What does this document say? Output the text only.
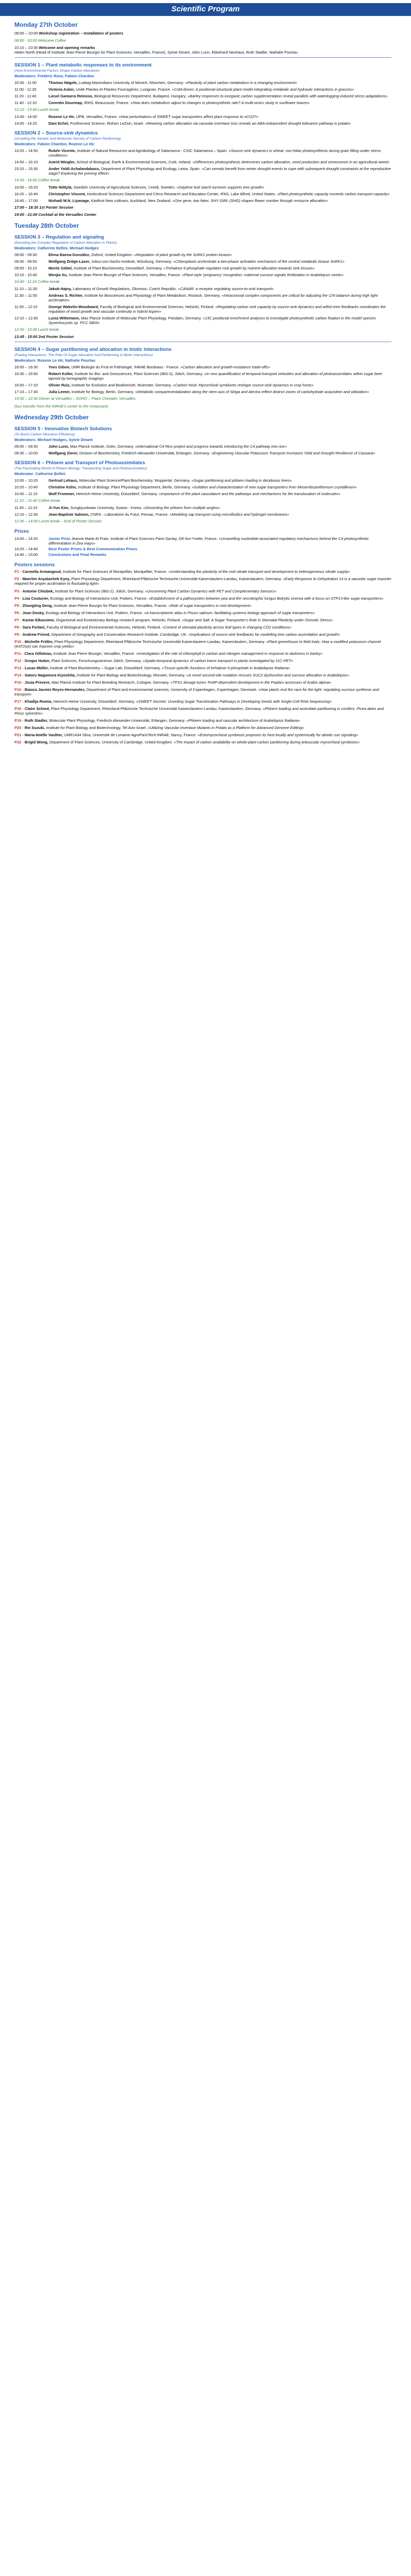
Scientific Program
Monday 27th October
08:00 – 10:00 Workshop registration – Installation of posters
08:00 - 10:00 Welcome Coffee
10:10 – 10:30 Welcome and opening remarks
Helen North (Head of Institute Jean-Pierre Bourgin for Plant Sciences, Versailles, France), Sylvie Dinant, John Lunn, Ekkehard Neuhaus, Ruth Stadler, Nathalie Pourtau
SESSION 1 – Plant metabolic responses to its environment
(How Environmental Factors Shape Carbon Allocation)
Moderators: Frédéric Rose, Fabien Chardon
10:30 - 11:00	Thomas Nägele, Ludwig-Maximilians University of Münich, München, Germany; «Plasticity of plant carbon metabolism in a changing environment»
11:00 - 11:20	Victoria Asker, Unité Plantes et Plantes Fourragères, Lusignan, France. «Cold-driven: A positional-structural plant model integrating metabolic and hydraulic interactions in grasses»
11:20 - 11:40	Liesel Gamarra Reinoso, Biological Resources Department, Budapest, Hungary; «Barley responses to inorganic carbon supplementation reveal parallels with waterlogging-induced stress adaptations»
11:40 - 12:10	Corentin Dourmap, IRHS, Beaucouze, France. «How does metabolism adjust to changes in photosynthetic rate? A multi-omics study in sunflower leaves»
12:10 - 13:40 Lunch break
13:40 - 14:00	Rozenn Le Hir, IJPB, Versailles, France. «How perturbations of SWEET sugar transporters affect plant response to eCO2?»
14:00 - 14:20	Dani Echel, Posthorvest Science, Rishon LeZion, Israel. «Rewiring carbon allocation via vacuolar invertase loss reveals an ABA-independent drought tolerance pathway in potato»
SESSION 2 – Source-sink dynamics
(Unveiling the Genetic and Molecular Secrets of Carbon Partitioning)
Moderators: Fabien Chardon, Rozenn Le Hir
14:20 – 14:50	Rubén Vicente, Institute of Natural Resources and Agrobiology of Salamanca - CSIC Salamanca – Spain. «Source-sink dynamics in wheat: non-foliar photosynthesis during grain filling under stress conditions»
14:50 – 15:10	Astrid Wingler, School of Biological, Earth & Environmental Sciences, Cork, Ireland. «Differences photosynthesis determines carbon allocation, seed production and senescence in an agricultural weed»
15:10 – 15:30	Ander Yoldi-Achalandabaso, Department of Plant Physiology and Ecology, Leioa, Spain. «Can cereals benefit from winter drought events to cope with subsequent drought constraints at the reproductive stage? Exploring the priming effect»
15:30 - 16:00 Coffee break
16:00 – 16:20	Totte Niittylä, Swedish University of Agricultural Sciences, Umeå, Sweden. «Daytime leaf starch turnover supports tree growth»
16:20 – 16:40	Christopher Vincent, Horticultural Sciences Department and Citrus Research and Education Center, IFAS, Lake Alfred, United States. «Plant photosynthetic capacity exceeds carbon transport capacity»
16:40 – 17:00	Nishadi M.N. Liyanage, Kiwifruit New cultivars, Auckland, New Zealand. «One gene, two fates: SHY GIRL (SHG) shapes flower number through resource allocation»
17:00 – 18:30 1st Poster Session
19:00 - 21:00 Cocktail at the Versailles Center
Tuesday 28th October
SESSION 3 – Regulation and signaling
(Decoding the Complex Regulation of Carbon Allocation in Plants)
Moderators: Catherine Bellini, Michael Hodges
09:00 - 09:30	Elena Baena-González, Oxford, United Kingdom. «Regulation of plant growth by the SnRK1 protein kinase»
09:30 - 09:50	Wolfgang Dröge-Laser, Julius-von-Sachs-Institute, Würzburg, Germany. «Chloroplasts orchestrate a two-phasic activation mechanism of the central metabolic kinase SnRK1»
09:50 - 10:10	Moritz Göbel, Institute of Plant Biochemistry, Düsseldorf, Germany. «Trehalose 6-phosphate regulates root growth by nutrient allocation towards sink tissues»
10:10 - 10:40	Wenjia Xu, Institute Jean Pierre Bourgin of Plant Sciences, Versailles, France. «Plant-style 'pregnancy' recognition: maternal sucrose signals fertilization in Arabidopsis seeds»
10:40 - 11:10 Coffee break
11:10 – 11:30	Jakub Hajny, Laboratory of Growth Regulations, Olomouc, Czech Republic. «CANAR: a receptor regulating source-to-sink transport»
11:30 – 11:50	Andreas S. Richter, Institute for Biosciences and Physiology of Plant Metabolism, Rostock, Germany. «Intracoronal complex components are critical for adjusting the C/N balance during high light acclimation»
11:50 – 12:10	George Wakelin-Woodward, Faculty of Biological and Environmental Sciences, Helsinki, Finland. «Regulating carbon sink capacity by source-sink dynamics and within-tree feedbacks coordinates the regulation of wood growth and vascular continuity in hybrid Aspen»
12:10 – 12:30	Luisa Wittemann, Max Planck Institute of Molecular Plant Physiology, Potsdam, Germany. «13C positional enrichment analyses to investigate photosynthetic carbon fixation in the model species Synechocystis sp. PCC 6803»
12:30 - 13:45 Lunch break
13:45 - 15:00 2nd Poster Session
SESSION 4 – Sugar partitioning and allocation in biotic interactions
(Fueling Interactions: The Role Of Sugar Allocation And Partitioning In Biotic Interactions)
Moderators: Rozenn Le Hir, Nathalie Pourtau
16:00 – 16:30	Yves Gibon, UMR Biologie du Fruit et Pathologie, INRAE Bordeaux - France. «Carbon allocation and growth-resistance trade-offs»
16:30 – 16:50	Robert Koller, Institute for Bio- and Geosciences, Plant Sciences (IBG-2), Jülich, Germany. «In vivo quantification of temporal transport velocities and allocation of photoassimilates within sugar beet taproot by tomographic imaging»
16:50 – 17:10	Olivier Ruiz, Institute for Evolution and Biodiversité, Muenster, Germany. «Carbon heist: Mycorrhizal symbionts reshape source-sink dynamics in crop hosts»
17:10 – 17:30	Julia Lemer, Institute for Biology, Berlin, Germany. «Metabolic compartmentalization along the stem axis of Striga and Alectra reflect distinct zones of carbohydrate acquisition and utilization»
19:30 – 22:30 Dinner at Versailles – SOHO – Place Chevalet, Versailles
(bus transfer from the INRAE's center to the restaurant)
Wednesday 29th October
SESSION 5 - Innovative Biotech Solutions
(To Boost Carbon Allocation Efficiency)
Moderators: Michael Hodges, Sylvie Dinant
09:00 – 09:30	John Lunn, Max Planck Institute, Golm, Germany. «International C4 Rice project and progress towards introducing the C4 pathway into rice»
09:30 – 10:00	Wolfgang Zierer, Division of Biochemistry, Friedrich-Alexander-Universität, Erlangen, Germany. «Engineering Vascular Potassium Transport Increases Yield and Drought Resilience of Cassava»
SESSION 6 – Phloem and Transport of Photoassimilates
(The Fascinating World of Phloem Biology: Transporting Sugar and Photoassimilates)
Moderator: Catherine Bellini
10:00 – 10:20	Gertrud Lohaus, Molecular Plant Science/Plant Biochemistry, Wuppertal, Germany. «Sugar partitioning and phloem loading in deciduous trees»
10:20 – 10:40	Christine Kühn, Institute of Biology: Plant Physiology Department, Berlin, Germany. «Isolation and characterization of new sugar transporters from Mesembryanthemum crystallinum»
10:40 – 11:10	Wolf Frommer, Heinrich-Heine University, Düsseldorf, Germany. «Importance of the plant vasculature and the pathways and mechanisms for the translocation of molecules»
11:10 – 11:40 Coffee break
11:40 – 12:10	Ji-Yun Kim, Sungkyunkwan University, Suwon - Korea. «Dissecting the phloem from multiple angles»
12:10 – 12:30	Jean-Baptiste Salmon, CNRS - Laboratoire du Futur, Pessac, France. «Modeling sap transport using microfluidics and hydrogel membranes»
12:30 – 14:00 Lunch break – End of Poster Session
Prizes
14:00 – 14:20	Junior Prize Jeanne Marie Al Frain, Institute of Plant Sciences Paris-Saclay, Gif-Sur-Yvette, France. «Unravelling nucleotide-associated regulatory mechanisms behind the C4 photosynthetic differentiation in Zea mays»
14:20 – 14:40	Best Poster Prizes & Best Communication Prizes
14:40 – 15:00	Conclusions and Final Remarks
Posters sessions
P1 - Carmella Armangeud, Institute for Plant Sciences of Montpellier, Montpellier, France. «Understanding the plasticity of the root nitrate transport and development to heterogeneous nitrate supply»
P2 - Maeriim Anyatashek Kyey, Plant Physiology Department, Rheinland-Pfälzische Technische Universität Kaiserslautern-Landau, Kaiserslautern, Germany. «Early-Response to Dehydration 14 is a vacuolar sugar importer required for proper acclimation to fluctuating light»
P3 - Antonie Chlubek, Institute for Plant Sciences (IBG-2), Jülich, Germany. «Uncovering Plant Carbon Dynamics with PET and Complementary Sensors»
P4 - Lisa Couturier, Ecology and Biology of Interactions Unit, Poitiers, France. «Establishment of a pathosystem between pea and the necrotrophic fungus Botrytis cinerea with a focus on STP13-like sugar transporters»
P5 - Zhongting Deng, Institute Jean-Pierre Bourgin for Plant Sciences, Versailles, France. «Role of sugar transporters in root development»
P6 - Joan Dosky, Ecology and Biology of Interactions Unit, Poitiers, France. «A transcriptomic atlas in Pisum sativum, facilitating systems biology approach of sugar transporters»
P7 - Kaviar Elkassime, Organismal and Evolutionary Biology research program, Helsinki, Finland. «Sugar and Salt: A Sugar Transporter's Role in Stomatal Plasticity under Osmotic Stress»
P8 - Sara Forlani, Faculty of Biological and Environmental Sciences, Helsinki, Finland. «Control of stomatal plasticity across leaf types in changing CO2 conditions»
P9 - Andrew Friend, Department of Geography and Conservation Research Institute, Cambridge, UK. «Implications of source-sink feedbacks for modelling tree carbon assimilation and growth»
P10 - Michelle Fröller, Plant Physiology Department, Rheinland-Pfälzische Technische Universität Kaiserslautern-Landau, Kaiserslautern, Germany. «Plant greenhouse to field trials: How a modified potassium channel (KAT2sw) can improve crop yields»
P11 - Clara Gilloteau, Institute Jean Pierre Bourgin, Versailles, France. «Investigation of the role of chlorophyll in carbon and nitrogen management in response to darkness in barley»
P12 - Gregor Huber, Plant Sciences, Forschungszentrum Jülich, Germany. «Spatio-temporal dynamics of carbon tracer transport in plants investigated by 11C-PET»
P13 - Lucas Müller, Institute of Plant Biochemistry – Sugar Lab, Düsseldorf, Germany. «Tissue-specific functions of trehalose 6-phosphate in Arabidopsis thaliana»
P14 - Satoru Nagamura Kiyoshita, Institute for Plant Biology and Biotechnology, Münster, Germany. «A novel second-site mutation rescues SUC2 dysfunction and sucrose allocation in Arabidopsis»
P15 - Josia Prevere, Max Planck Institute for Plant Breeding Research, Cologne, Germany. «TPS1 dosage tunes Tre6P-dependent development in the Poplars accession of Arabis alpina»
P16 - Bianca Jacmin Reyes-Hernandez, Department of Plant and environmental sciences, University of Copenhagen, Copenhagen, Denmark. «How plants end the race for the light: regulating sucrose synthesis and transport»
P17 - Khadija Romio, Heinrich-Heine University, Düsseldorf, Germany. «SWEET Secrets: Unveiling Sugar Translocation Pathways in Developing Seeds with Single-Cell RNA Sequencing»
P18 - Claire Schied, Plant Physiology Department, Rheinland-Pfälzische Technische Universität Kaiserslautern-Landau, Kaiserslautern, Germany. «Phloem loading and assimilate partitioning in conifers: Picea abies and Pinus sylvestris»
P19 - Ruth Stadler, Molecular Plant Physiology, Friedrich-Alexander-Universität, Erlangen, Germany. «Phloem loading and vascular architecture of Arabidopsis thaliana»
P20 - Rei Suzuki, Institute for Plant Biology and Biotechnology, Tel Aviv Israel. «Utilizing Vacuolar Invertase Mutants in Potato as a Platform for Advanced Genome Editing»
P21 - Maria-Noëlle Vaultier, UMR1434 Silva, Université de Lorraine-AgroParisTech-INRAE, Nancy, France. «Ectomycorrhizal symbiosis proposes its host locally and systemically for abiotic cue signaling»
P22 - Brigid Wong, Department of Plant Sciences, University of Cambridge, United Kingdom. «The impact of carbon availability on whole-plant carbon partitioning during arbuscular mycorrhizal symbiosis»
